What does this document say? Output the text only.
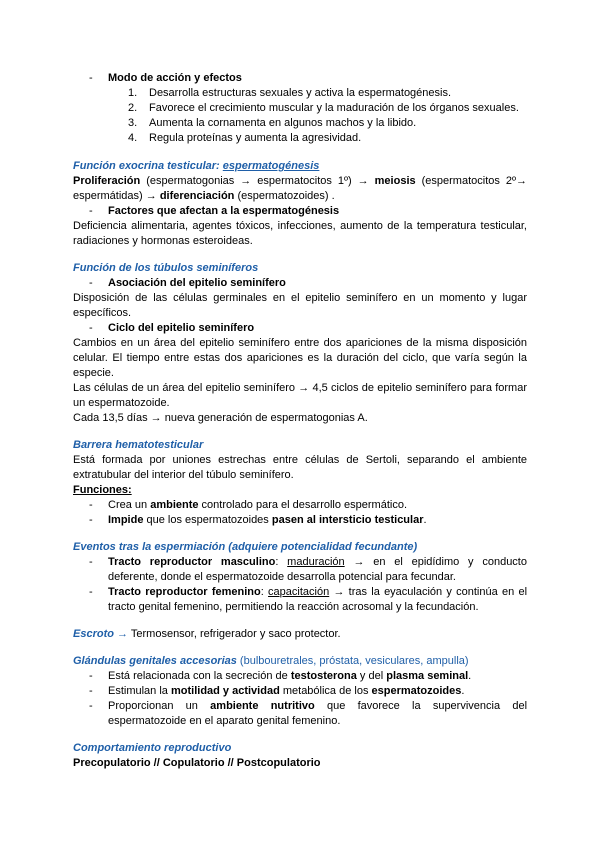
- Modo de acción y efectos
1. Desarrolla estructuras sexuales y activa la espermatogénesis.
2. Favorece el crecimiento muscular y la maduración de los órganos sexuales.
3. Aumenta la cornamenta en algunos machos y la libido.
4. Regula proteínas y aumenta la agresividad.
Función exocrina testicular: espermatogénesis
Proliferación (espermatogonias → espermatocitos 1º) → meiosis (espermatocitos 2º→ espermátidas) → diferenciación (espermatozoides) .
- Factores que afectan a la espermatogénesis
Deficiencia alimentaria, agentes tóxicos, infecciones, aumento de la temperatura testicular, radiaciones y hormonas esteroideas.
Función de los túbulos seminíferos
- Asociación del epitelio seminífero
Disposición de las células germinales en el epitelio seminífero en un momento y lugar específicos.
- Ciclo del epitelio seminífero
Cambios en un área del epitelio seminífero entre dos apariciones de la misma disposición celular. El tiempo entre estas dos apariciones es la duración del ciclo, que varía según la especie.
Las células de un área del epitelio seminífero → 4,5 ciclos de epitelio seminífero para formar un espermatozoide.
Cada 13,5 días → nueva generación de espermatogonias A.
Barrera hematotesticular
Está formada por uniones estrechas entre células de Sertoli, separando el ambiente extratubular del interior del túbulo seminífero.
Funciones:
- Crea un ambiente controlado para el desarrollo espermático.
- Impide que los espermatozoides pasen al intersticio testicular.
Eventos tras la espermiación (adquiere potencialidad fecundante)
- Tracto reproductor masculino: maduración → en el epidídimo y conducto deferente, donde el espermatozoide desarrolla potencial para fecundar.
- Tracto reproductor femenino: capacitación → tras la eyaculación y continúa en el tracto genital femenino, permitiendo la reacción acrosomal y la fecundación.
Escroto → Termosensor, refrigerador y saco protector.
Glándulas genitales accesorias (bulbouretrales, próstata, vesiculares, ampulla)
- Está relacionada con la secreción de testosterona y del plasma seminal.
- Estimulan la motilidad y actividad metabólica de los espermatozoides.
- Proporcionan un ambiente nutritivo que favorece la supervivencia del espermatozoide en el aparato genital femenino.
Comportamiento reproductivo
Precopulatorio // Copulatorio // Postcopulatorio
